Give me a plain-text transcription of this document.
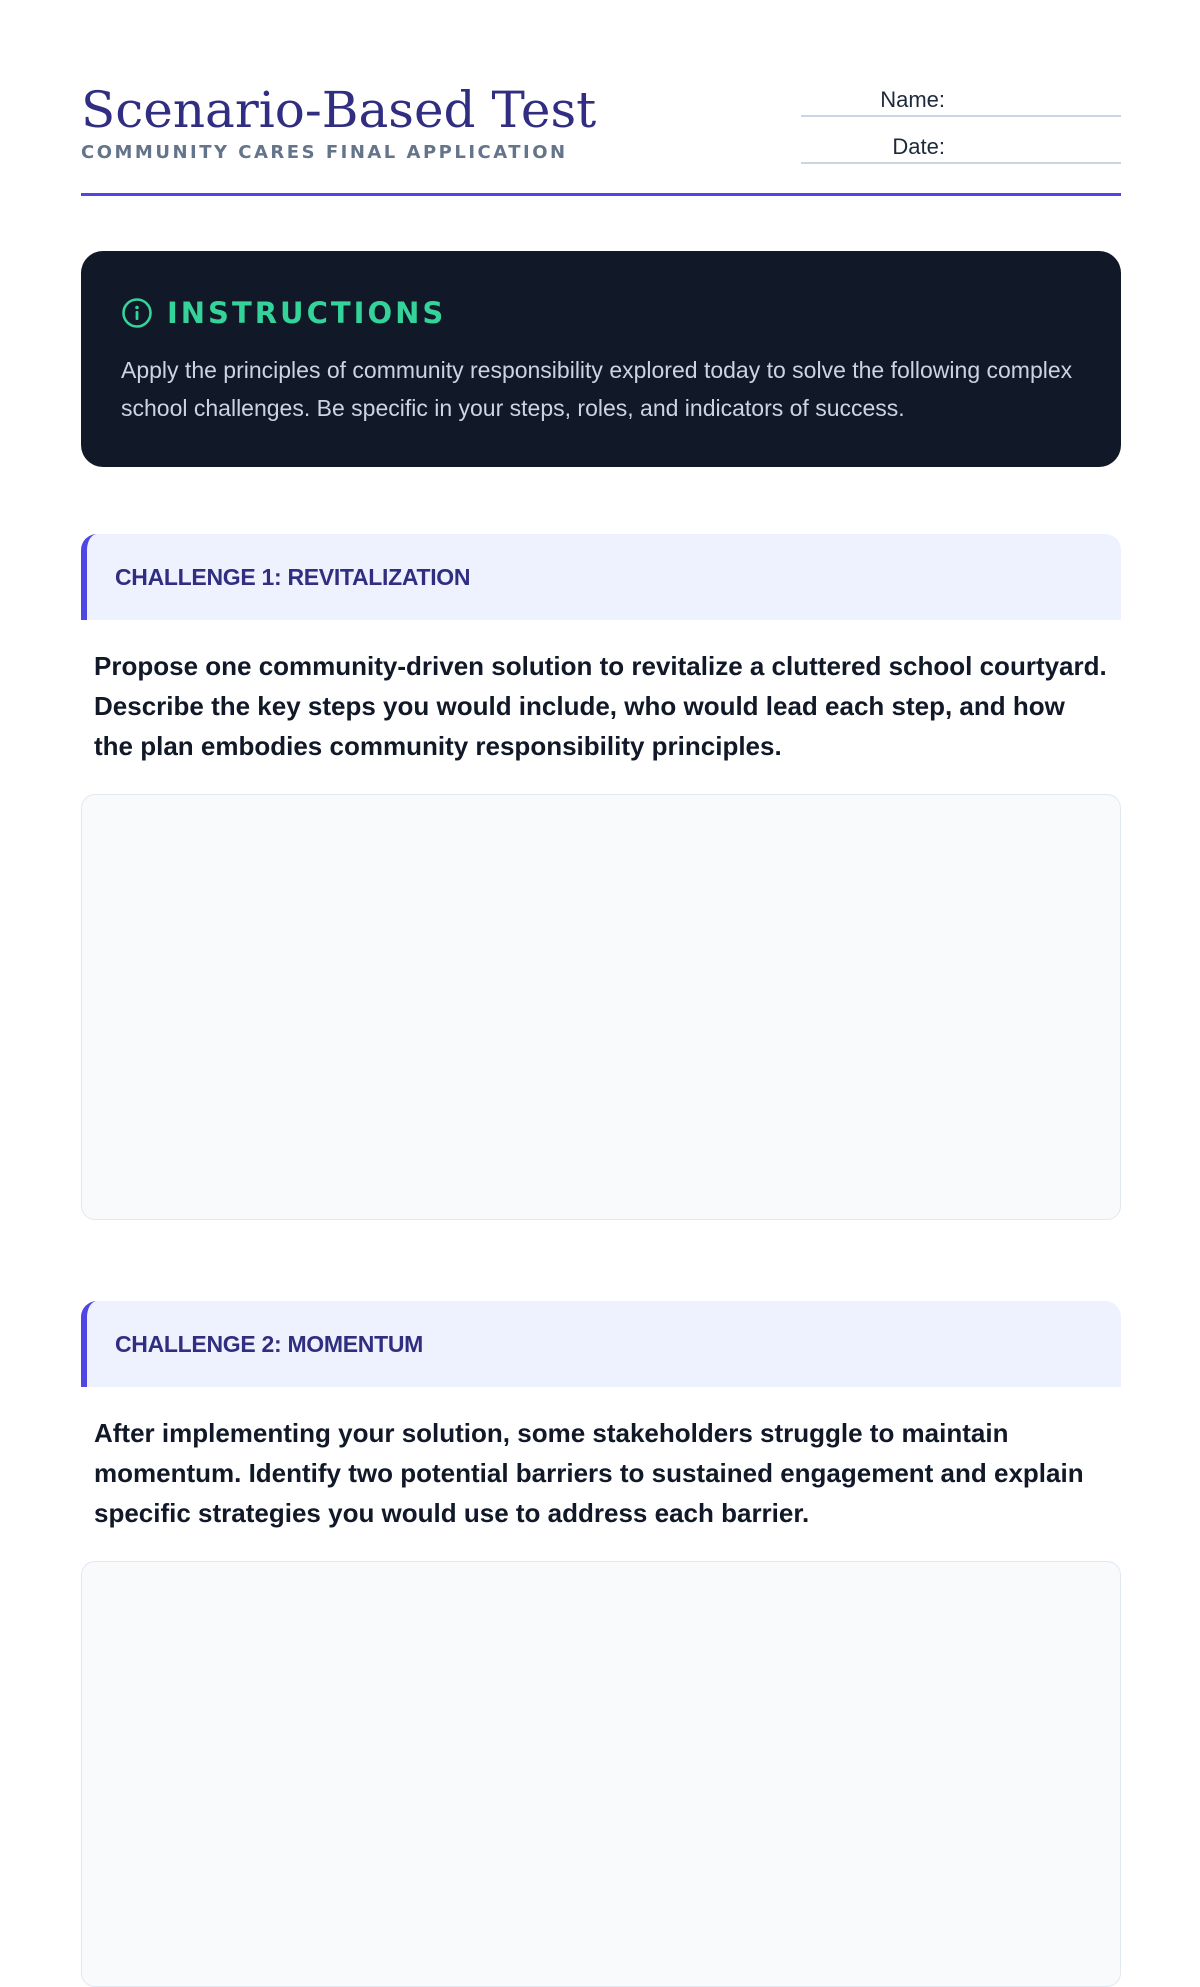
Scenario-Based Test
COMMUNITY CARES FINAL APPLICATION
Name:
Date:
INSTRUCTIONS
Apply the principles of community responsibility explored today to solve the following complex school challenges. Be specific in your steps, roles, and indicators of success.
CHALLENGE 1: REVITALIZATION
Propose one community-driven solution to revitalize a cluttered school courtyard. Describe the key steps you would include, who would lead each step, and how the plan embodies community responsibility principles.
CHALLENGE 2: MOMENTUM
After implementing your solution, some stakeholders struggle to maintain momentum. Identify two potential barriers to sustained engagement and explain specific strategies you would use to address each barrier.
